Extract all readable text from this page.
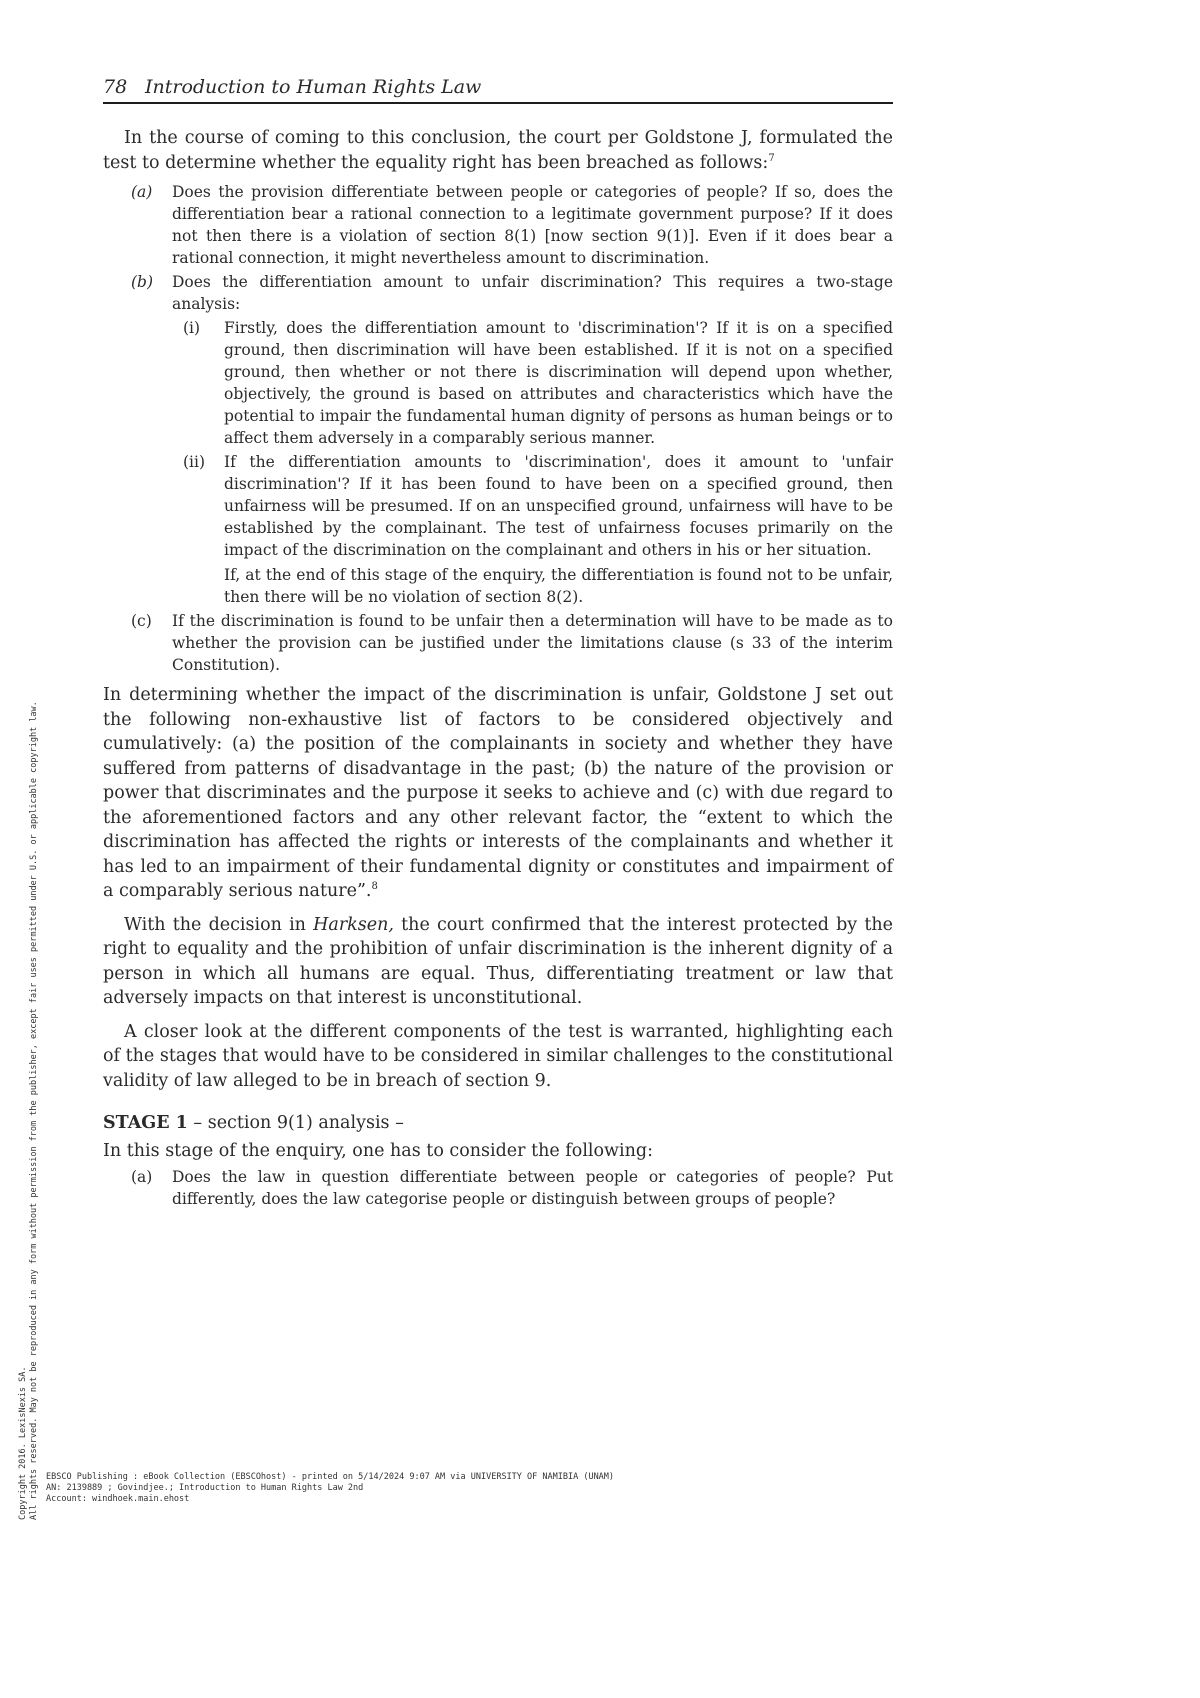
78 Introduction to Human Rights Law

In the course of coming to this conclusion, the court per Goldstone J, formulated the test to determine whether the equality right has been breached as follows:$^7$

(a) Does the provision differentiate between people or categories of people? If so, does the differentiation bear a rational connection to a legitimate government purpose? If it does not then there is a violation of section 8(1) [now section 9(1)]. Even if it does bear a rational connection, it might nevertheless amount to discrimination.
(b) Does the differentiation amount to unfair discrimination? This requires a two-stage analysis:
(i) Firstly, does the differentiation amount to 'discrimination'? If it is on a specified ground, then discrimination will have been established. If it is not on a specified ground, then whether or not there is discrimination will depend upon whether, objectively, the ground is based on attributes and characteristics which have the potential to impair the fundamental human dignity of persons as human beings or to affect them adversely in a comparably serious manner.
(ii) If the differentiation amounts to 'discrimination', does it amount to 'unfair discrimination'? If it has been found to have been on a specified ground, then unfairness will be presumed. If on an unspecified ground, unfairness will have to be established by the complainant. The test of unfairness focuses primarily on the impact of the discrimination on the complainant and others in his or her situation.
If, at the end of this stage of the enquiry, the differentiation is found not to be unfair, then there will be no violation of section 8(2).
(c) If the discrimination is found to be unfair then a determination will have to be made as to whether the provision can be justified under the limitations clause (s 33 of the interim Constitution).

In determining whether the impact of the discrimination is unfair, Goldstone J set out the following non-exhaustive list of factors to be considered objectively and cumulatively: (a) the position of the complainants in society and whether they have suffered from patterns of disadvantage in the past; (b) the nature of the provision or power that discriminates and the purpose it seeks to achieve and (c) with due regard to the aforementioned factors and any other relevant factor, the “extent to which the discrimination has affected the rights or interests of the complainants and whether it has led to an impairment of their fundamental dignity or constitutes and impairment of a comparably serious nature”.$^8$

With the decision in Harksen, the court confirmed that the interest protected by the right to equality and the prohibition of unfair discrimination is the inherent dignity of a person in which all humans are equal. Thus, differentiating treatment or law that adversely impacts on that interest is unconstitutional.

A closer look at the different components of the test is warranted, highlighting each of the stages that would have to be considered in similar challenges to the constitutional validity of law alleged to be in breach of section 9.

STAGE 1 – section 9(1) analysis –

In this stage of the enquiry, one has to consider the following:

(a) Does the law in question differentiate between people or categories of people? Put differently, does the law categorise people or distinguish between groups of people?
EBSCO Publishing : eBook Collection (EBSCOhost) - printed on 5/14/2024 9:07 AM via UNIVERSITY OF NAMIBIA (UNAM)
AN: 2139889 ; Govindjee.; Introduction to Human Rights Law 2nd
Account: windhoek.main.ehost
Copyright 2016. LexisNexis SA. All rights reserved. May not be reproduced in any form without permission from the publisher, except fair uses permitted under U.S. or applicable copyright law.
